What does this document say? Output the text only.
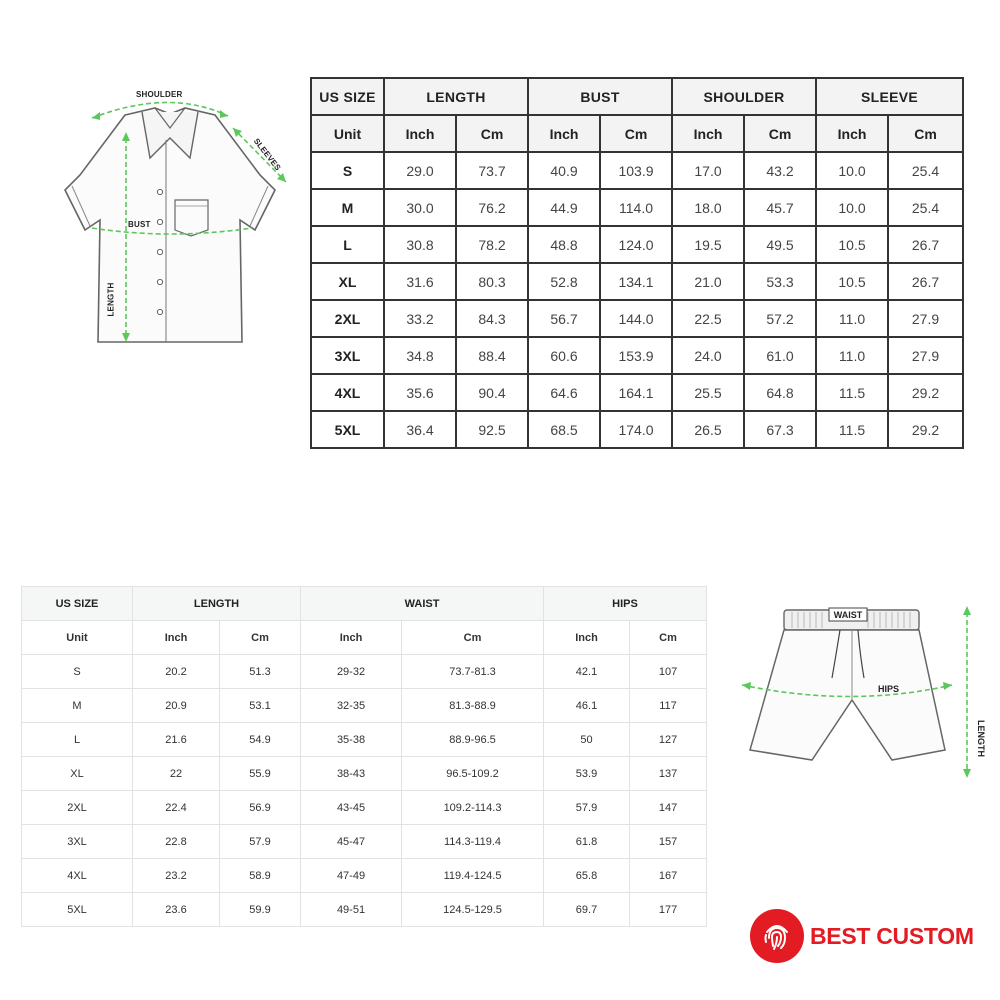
SHOULDER
SLEEVES
BUST
LENGTH
US SIZE	LENGTH		BUST		SHOULDER		SLEEVE	
Unit	Inch	Cm	Inch	Cm	Inch	Cm	Inch	Cm
S	29.0	73.7	40.9	103.9	17.0	43.2	10.0	25.4
M	30.0	76.2	44.9	114.0	18.0	45.7	10.0	25.4
L	30.8	78.2	48.8	124.0	19.5	49.5	10.5	26.7
XL	31.6	80.3	52.8	134.1	21.0	53.3	10.5	26.7
2XL	33.2	84.3	56.7	144.0	22.5	57.2	11.0	27.9
3XL	34.8	88.4	60.6	153.9	24.0	61.0	11.0	27.9
4XL	35.6	90.4	64.6	164.1	25.5	64.8	11.5	29.2
5XL	36.4	92.5	68.5	174.0	26.5	67.3	11.5	29.2
US SIZE	LENGTH		WAIST		HIPS	
Unit	Inch	Cm	Inch	Cm	Inch	Cm
S	20.2	51.3	29-32	73.7-81.3	42.1	107
M	20.9	53.1	32-35	81.3-88.9	46.1	117
L	21.6	54.9	35-38	88.9-96.5	50	127
XL	22	55.9	38-43	96.5-109.2	53.9	137
2XL	22.4	56.9	43-45	109.2-114.3	57.9	147
3XL	22.8	57.9	45-47	114.3-119.4	61.8	157
4XL	23.2	58.9	47-49	119.4-124.5	65.8	167
5XL	23.6	59.9	49-51	124.5-129.5	69.7	177
WAIST
HIPS
LENGTH
BEST CUSTOM
